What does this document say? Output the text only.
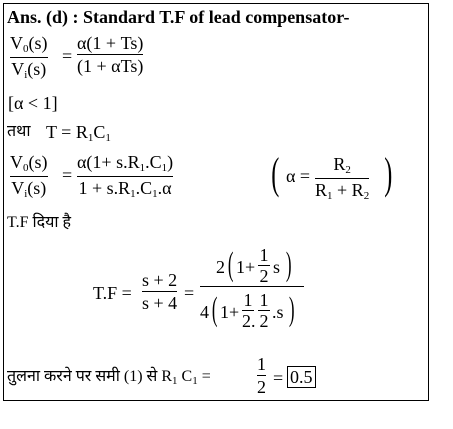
Ans. (d) : Standard T.F of lead compensator-
$V_0(s)$
$V_i(s)$
=
α(1 + Ts)
(1 + αTs)
[α < 1]
तथा $T = R_1C_1$
$V_0(s)$
$V_i(s)$
=
$\alpha(1+ s.R_1.C_1)$
$1 + s.R_1.C_1.\alpha$ ( α =
$R_2$
$R_1 + R_2$ )
T.F दिया है
T.F =
s + 2
s + 4 =
2 ( 1+
1
2 s )
4 ( 1+
1
2.
1
2 .s )
तुलना करने पर समी (1) से $R_1$ $C_1$ =
1
2 = 0.5
